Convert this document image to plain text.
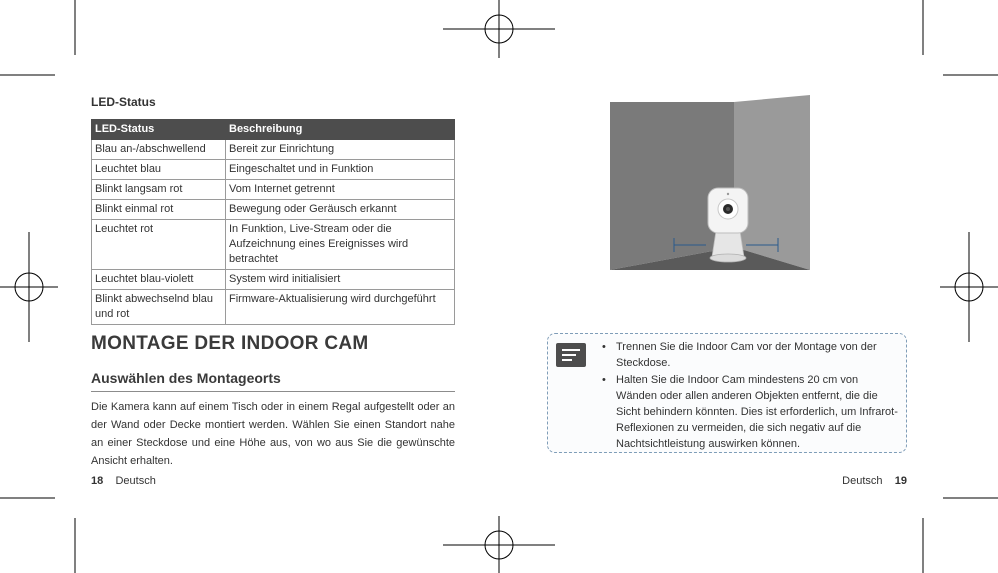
LED-Status
LED-Status	Beschreibung
Blau an-/abschwellend	Bereit zur Einrichtung
Leuchtet blau	Eingeschaltet und in Funktion
Blinkt langsam rot	Vom Internet getrennt
Blinkt einmal rot	Bewegung oder Geräusch erkannt
Leuchtet rot	In Funktion, Live-Stream oder die Aufzeichnung eines Ereignisses wird betrachtet
Leuchtet blau-violett	System wird initialisiert
Blinkt abwechselnd blau und rot	Firmware-Aktualisierung wird durchgeführt
MONTAGE DER INDOOR CAM
Auswählen des Montageorts
Die Kamera kann auf einem Tisch oder in einem Regal aufgestellt oder an der Wand oder Decke montiert werden. Wählen Sie einen Standort nahe an einer Steckdose und eine Höhe aus, von wo aus Sie die gewünschte Ansicht erhalten.
18 Deutsch
• Trennen Sie die Indoor Cam vor der Montage von der Steckdose.
• Halten Sie die Indoor Cam mindestens 20 cm von Wänden oder allen anderen Objekten entfernt, die die Sicht behindern könnten. Dies ist erforderlich, um Infrarot-Reflexionen zu vermeiden, die sich negativ auf die Nachtsichtleistung auswirken können.
Deutsch 19
